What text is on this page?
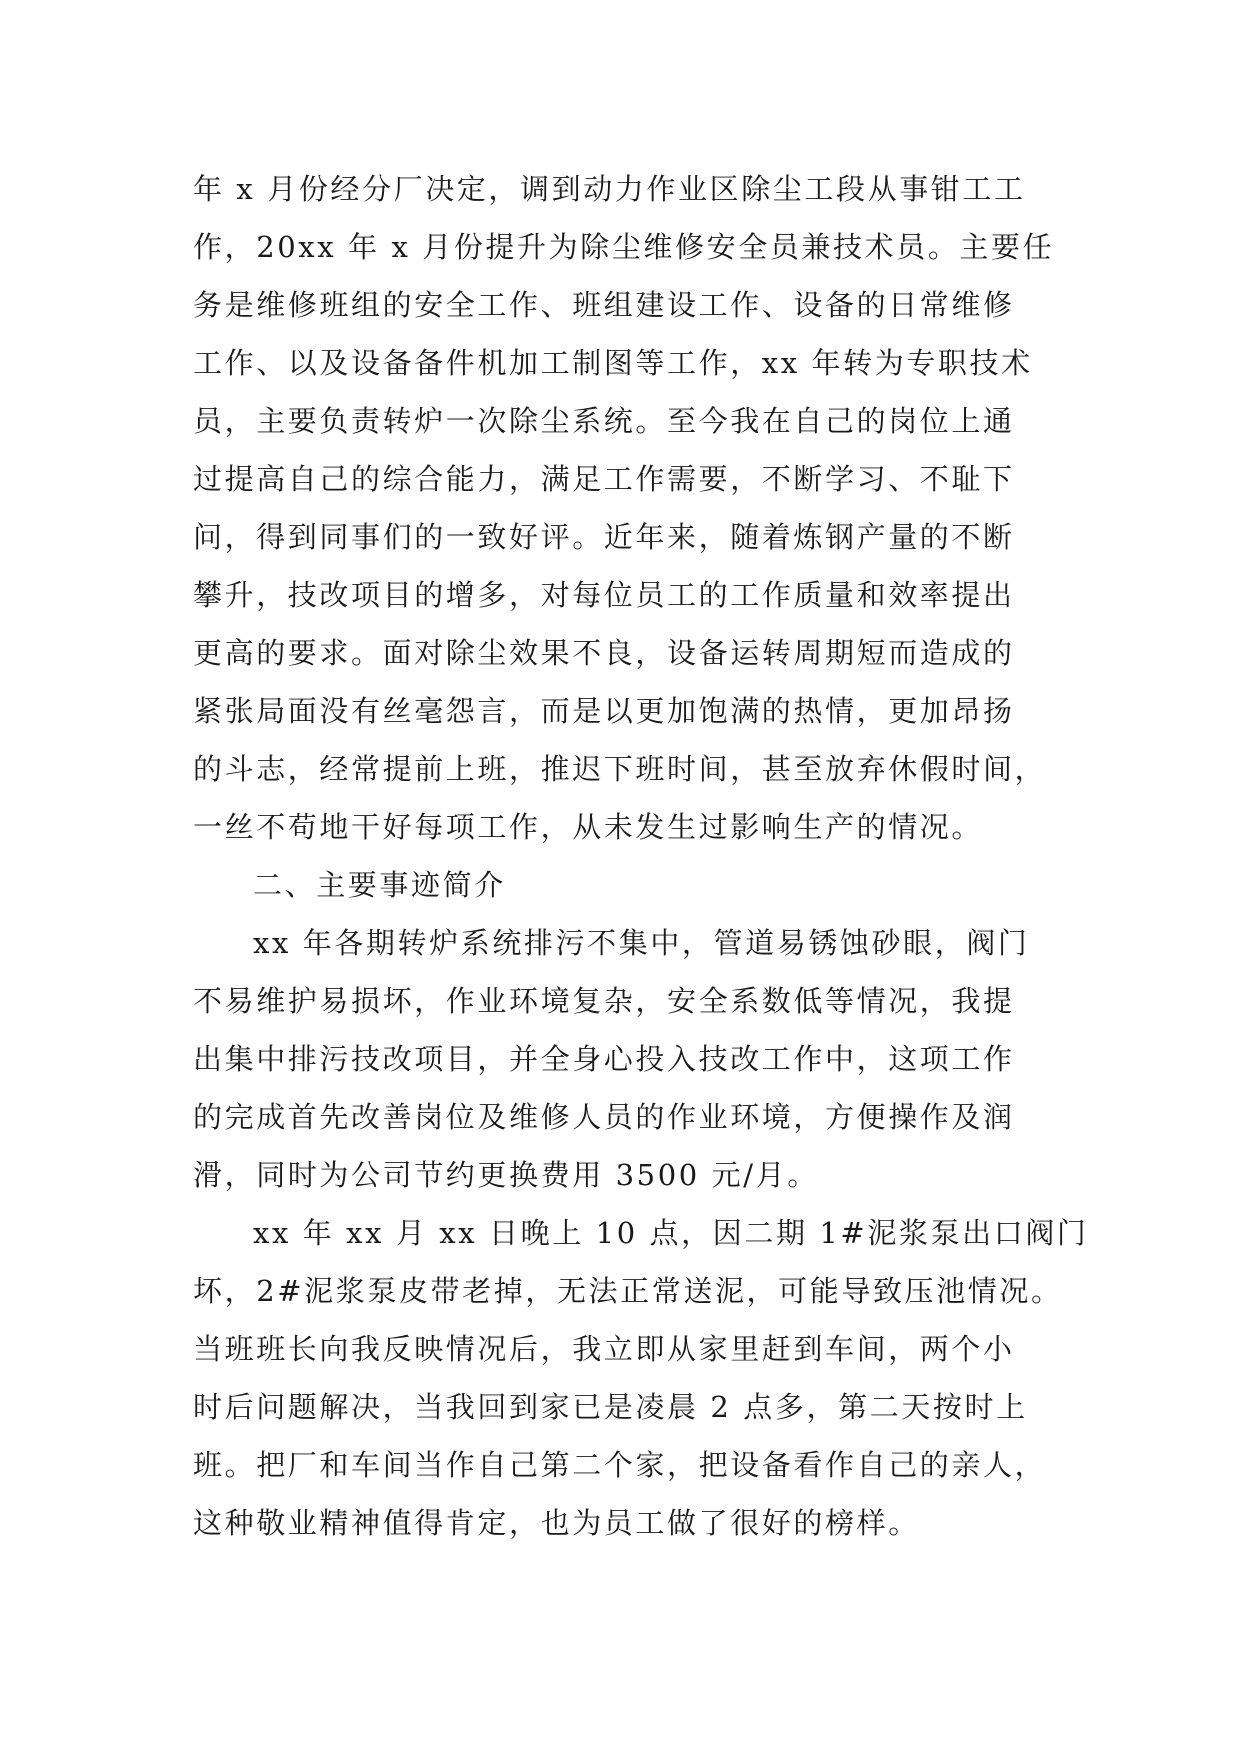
年 x 月份经分厂决定，调到动力作业区除尘工段从事钳工工
作，20xx 年 x 月份提升为除尘维修安全员兼技术员。主要任
务是维修班组的安全工作、班组建设工作、设备的日常维修
工作、以及设备备件机加工制图等工作，xx 年转为专职技术
员，主要负责转炉一次除尘系统。至今我在自己的岗位上通
过提高自己的综合能力，满足工作需要，不断学习、不耻下
问，得到同事们的一致好评。近年来，随着炼钢产量的不断
攀升，技改项目的增多，对每位员工的工作质量和效率提出
更高的要求。面对除尘效果不良，设备运转周期短而造成的
紧张局面没有丝毫怨言，而是以更加饱满的热情，更加昂扬
的斗志，经常提前上班，推迟下班时间，甚至放弃休假时间，
一丝不苟地干好每项工作，从未发生过影响生产的情况。
二、主要事迹简介
xx 年各期转炉系统排污不集中，管道易锈蚀砂眼，阀门
不易维护易损坏，作业环境复杂，安全系数低等情况，我提
出集中排污技改项目，并全身心投入技改工作中，这项工作
的完成首先改善岗位及维修人员的作业环境，方便操作及润
滑，同时为公司节约更换费用 3500 元/月。
xx 年 xx 月 xx 日晚上 10 点，因二期 1#泥浆泵出口阀门
坏，2#泥浆泵皮带老掉，无法正常送泥，可能导致压池情况。
当班班长向我反映情况后，我立即从家里赶到车间，两个小
时后问题解决，当我回到家已是凌晨 2 点多，第二天按时上
班。把厂和车间当作自己第二个家，把设备看作自己的亲人，
这种敬业精神值得肯定，也为员工做了很好的榜样。
